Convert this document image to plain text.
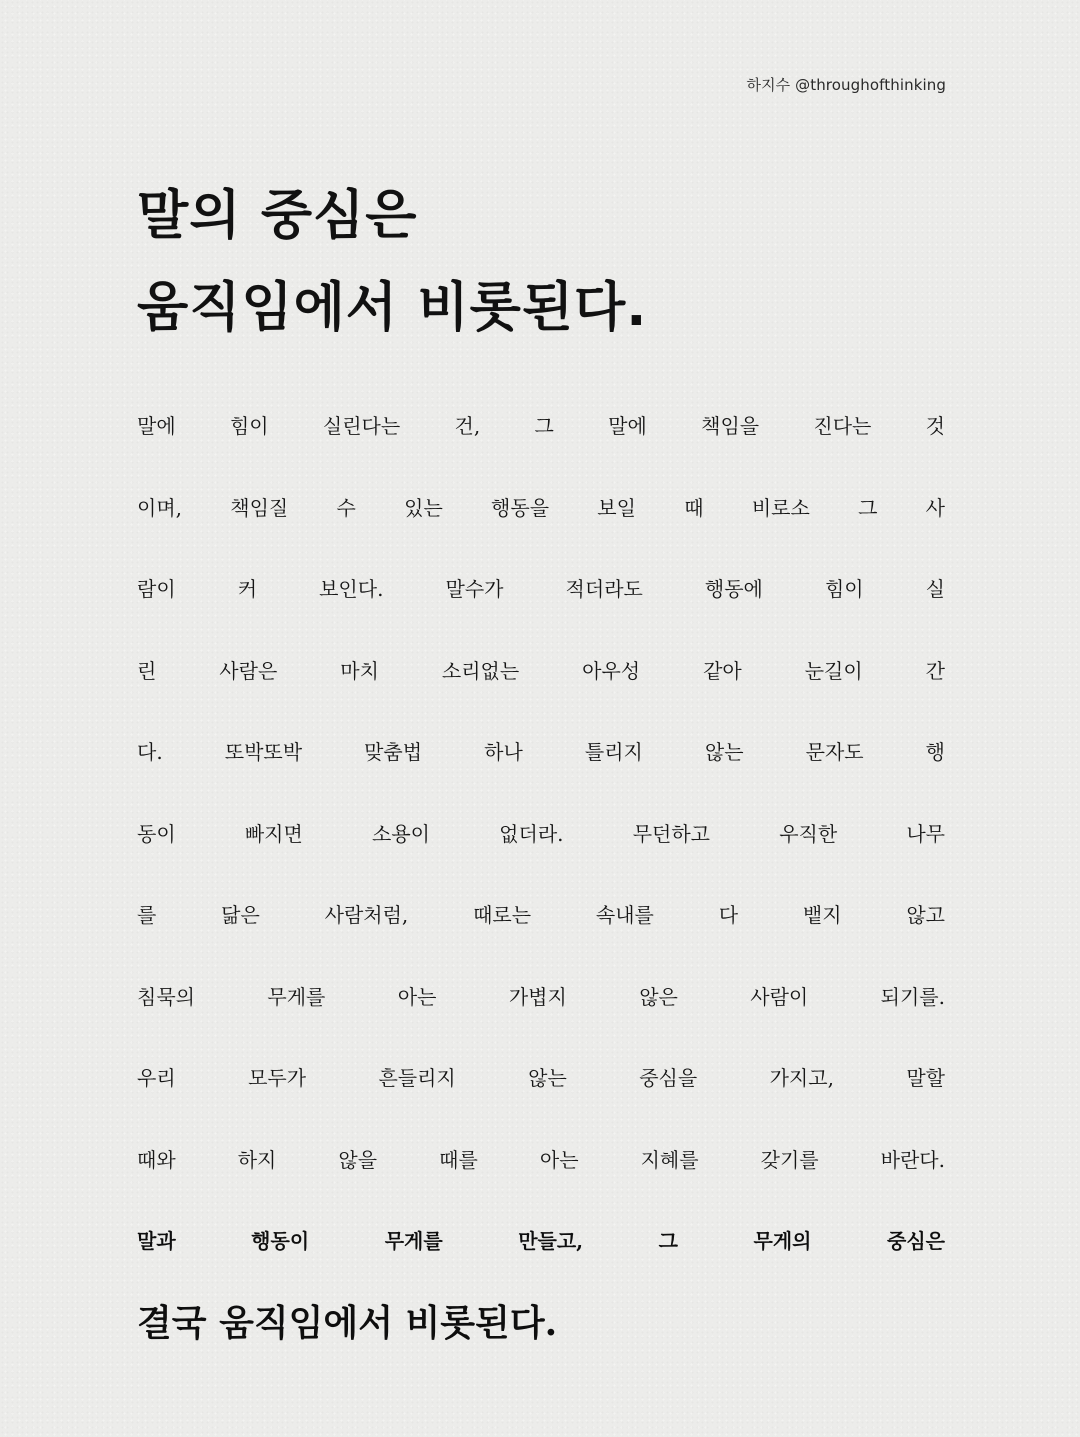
하지수 @throughofthinking
말의 중심은
움직임에서 비롯된다.
말에 힘이 실린다는 건, 그 말에 책임을 진다는 것
이며, 책임질 수 있는 행동을 보일 때 비로소 그 사
람이 커 보인다. 말수가 적더라도 행동에 힘이 실
린 사람은 마치 소리없는 아우성 같아 눈길이 간
다. 또박또박 맞춤법 하나 틀리지 않는 문자도 행
동이 빠지면 소용이 없더라. 무던하고 우직한 나무
를 닮은 사람처럼, 때로는 속내를 다 뱉지 않고
침묵의 무게를 아는 가볍지 않은 사람이 되기를.
우리 모두가 흔들리지 않는 중심을 가지고, 말할
때와 하지 않을 때를 아는 지혜를 갖기를 바란다.
말과 행동이 무게를 만들고, 그 무게의 중심은
결국 움직임에서 비롯된다.
